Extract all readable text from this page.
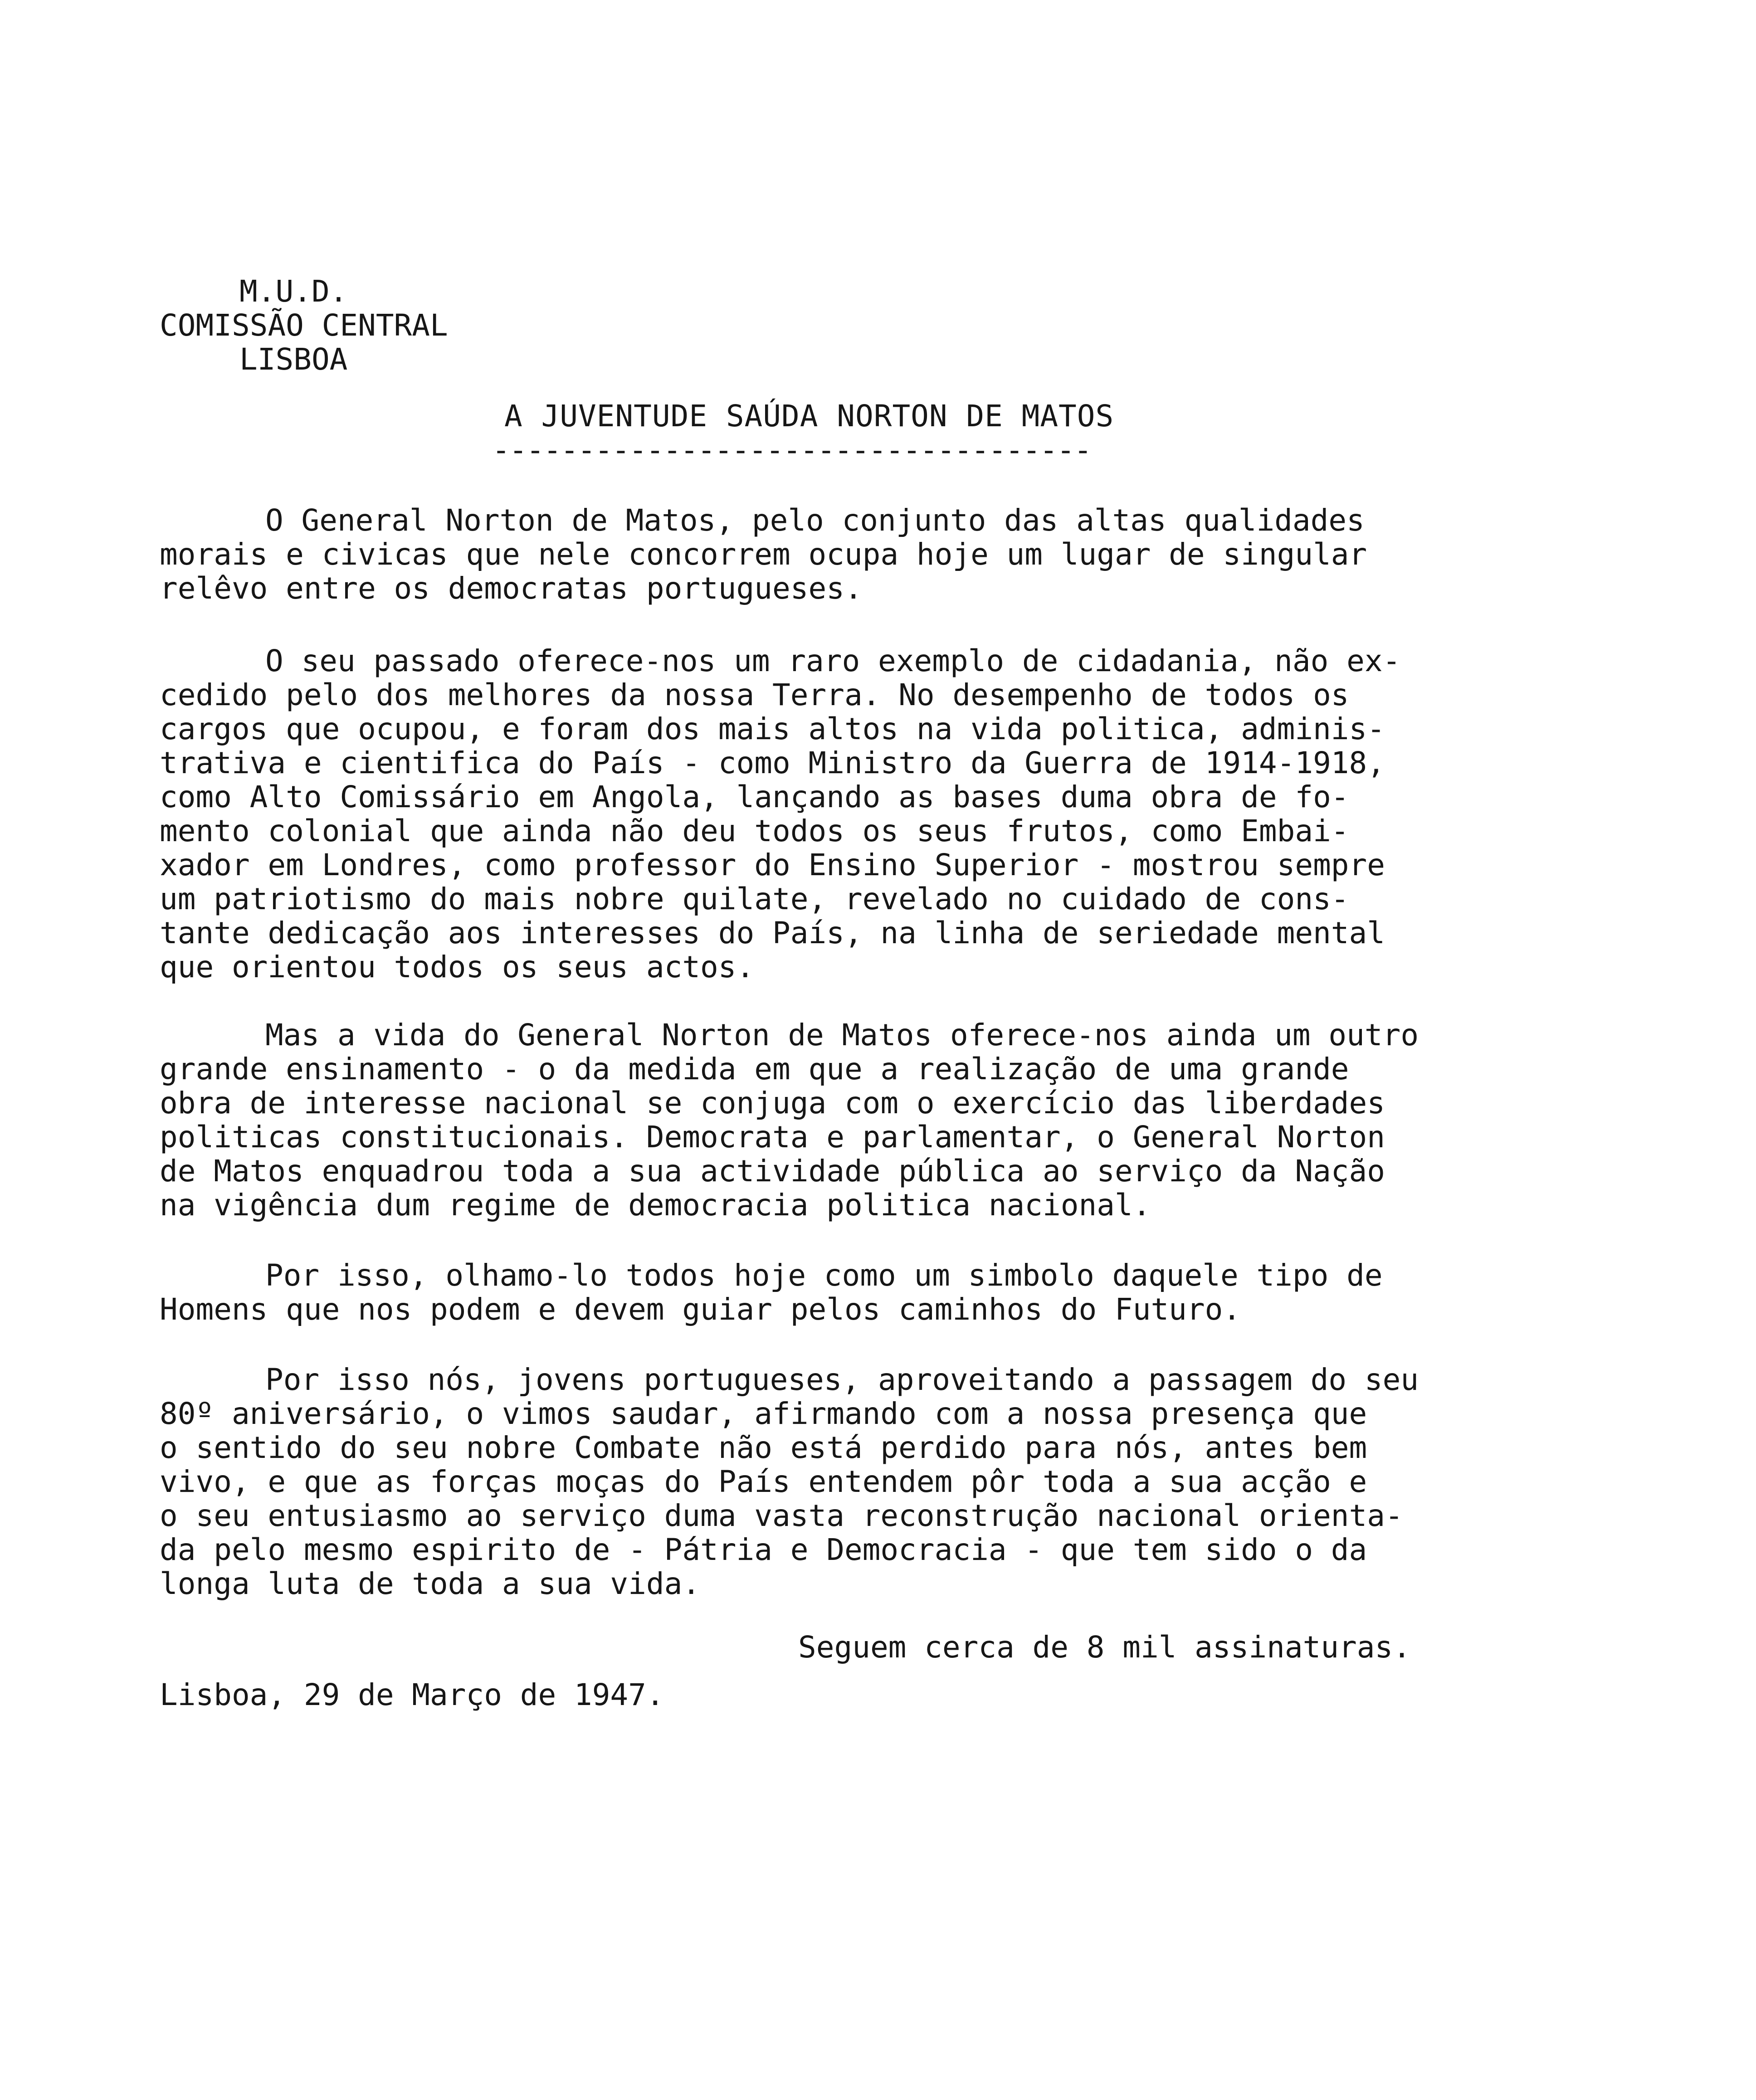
M.U.D.
COMISSÃO CENTRAL
LISBOA
A JUVENTUDE SAÚDA NORTON DE MATOS
-----------------------------------
O General Norton de Matos, pelo conjunto das altas qualidades
morais e civicas que nele concorrem ocupa hoje um lugar de singular
relêvo entre os democratas portugueses.
O seu passado oferece-nos um raro exemplo de cidadania, não ex-
cedido pelo dos melhores da nossa Terra. No desempenho de todos os
cargos que ocupou, e foram dos mais altos na vida politica, adminis-
trativa e cientifica do País - como Ministro da Guerra de 1914-1918,
como Alto Comissário em Angola, lançando as bases duma obra de fo-
mento colonial que ainda não deu todos os seus frutos, como Embai-
xador em Londres, como professor do Ensino Superior - mostrou sempre
um patriotismo do mais nobre quilate, revelado no cuidado de cons-
tante dedicação aos interesses do País, na linha de seriedade mental
que orientou todos os seus actos.
Mas a vida do General Norton de Matos oferece-nos ainda um outro
grande ensinamento - o da medida em que a realização de uma grande
obra de interesse nacional se conjuga com o exercício das liberdades
politicas constitucionais. Democrata e parlamentar, o General Norton
de Matos enquadrou toda a sua actividade pública ao serviço da Nação
na vigência dum regime de democracia politica nacional.
Por isso, olhamo-lo todos hoje como um simbolo daquele tipo de
Homens que nos podem e devem guiar pelos caminhos do Futuro.
Por isso nós, jovens portugueses, aproveitando a passagem do seu
80º aniversário, o vimos saudar, afirmando com a nossa presença que
o sentido do seu nobre Combate não está perdido para nós, antes bem
vivo, e que as forças moças do País entendem pôr toda a sua acção e
o seu entusiasmo ao serviço duma vasta reconstrução nacional orienta-
da pelo mesmo espirito de - Pátria e Democracia - que tem sido o da
longa luta de toda a sua vida.
Seguem cerca de 8 mil assinaturas.
Lisboa, 29 de Março de 1947.
